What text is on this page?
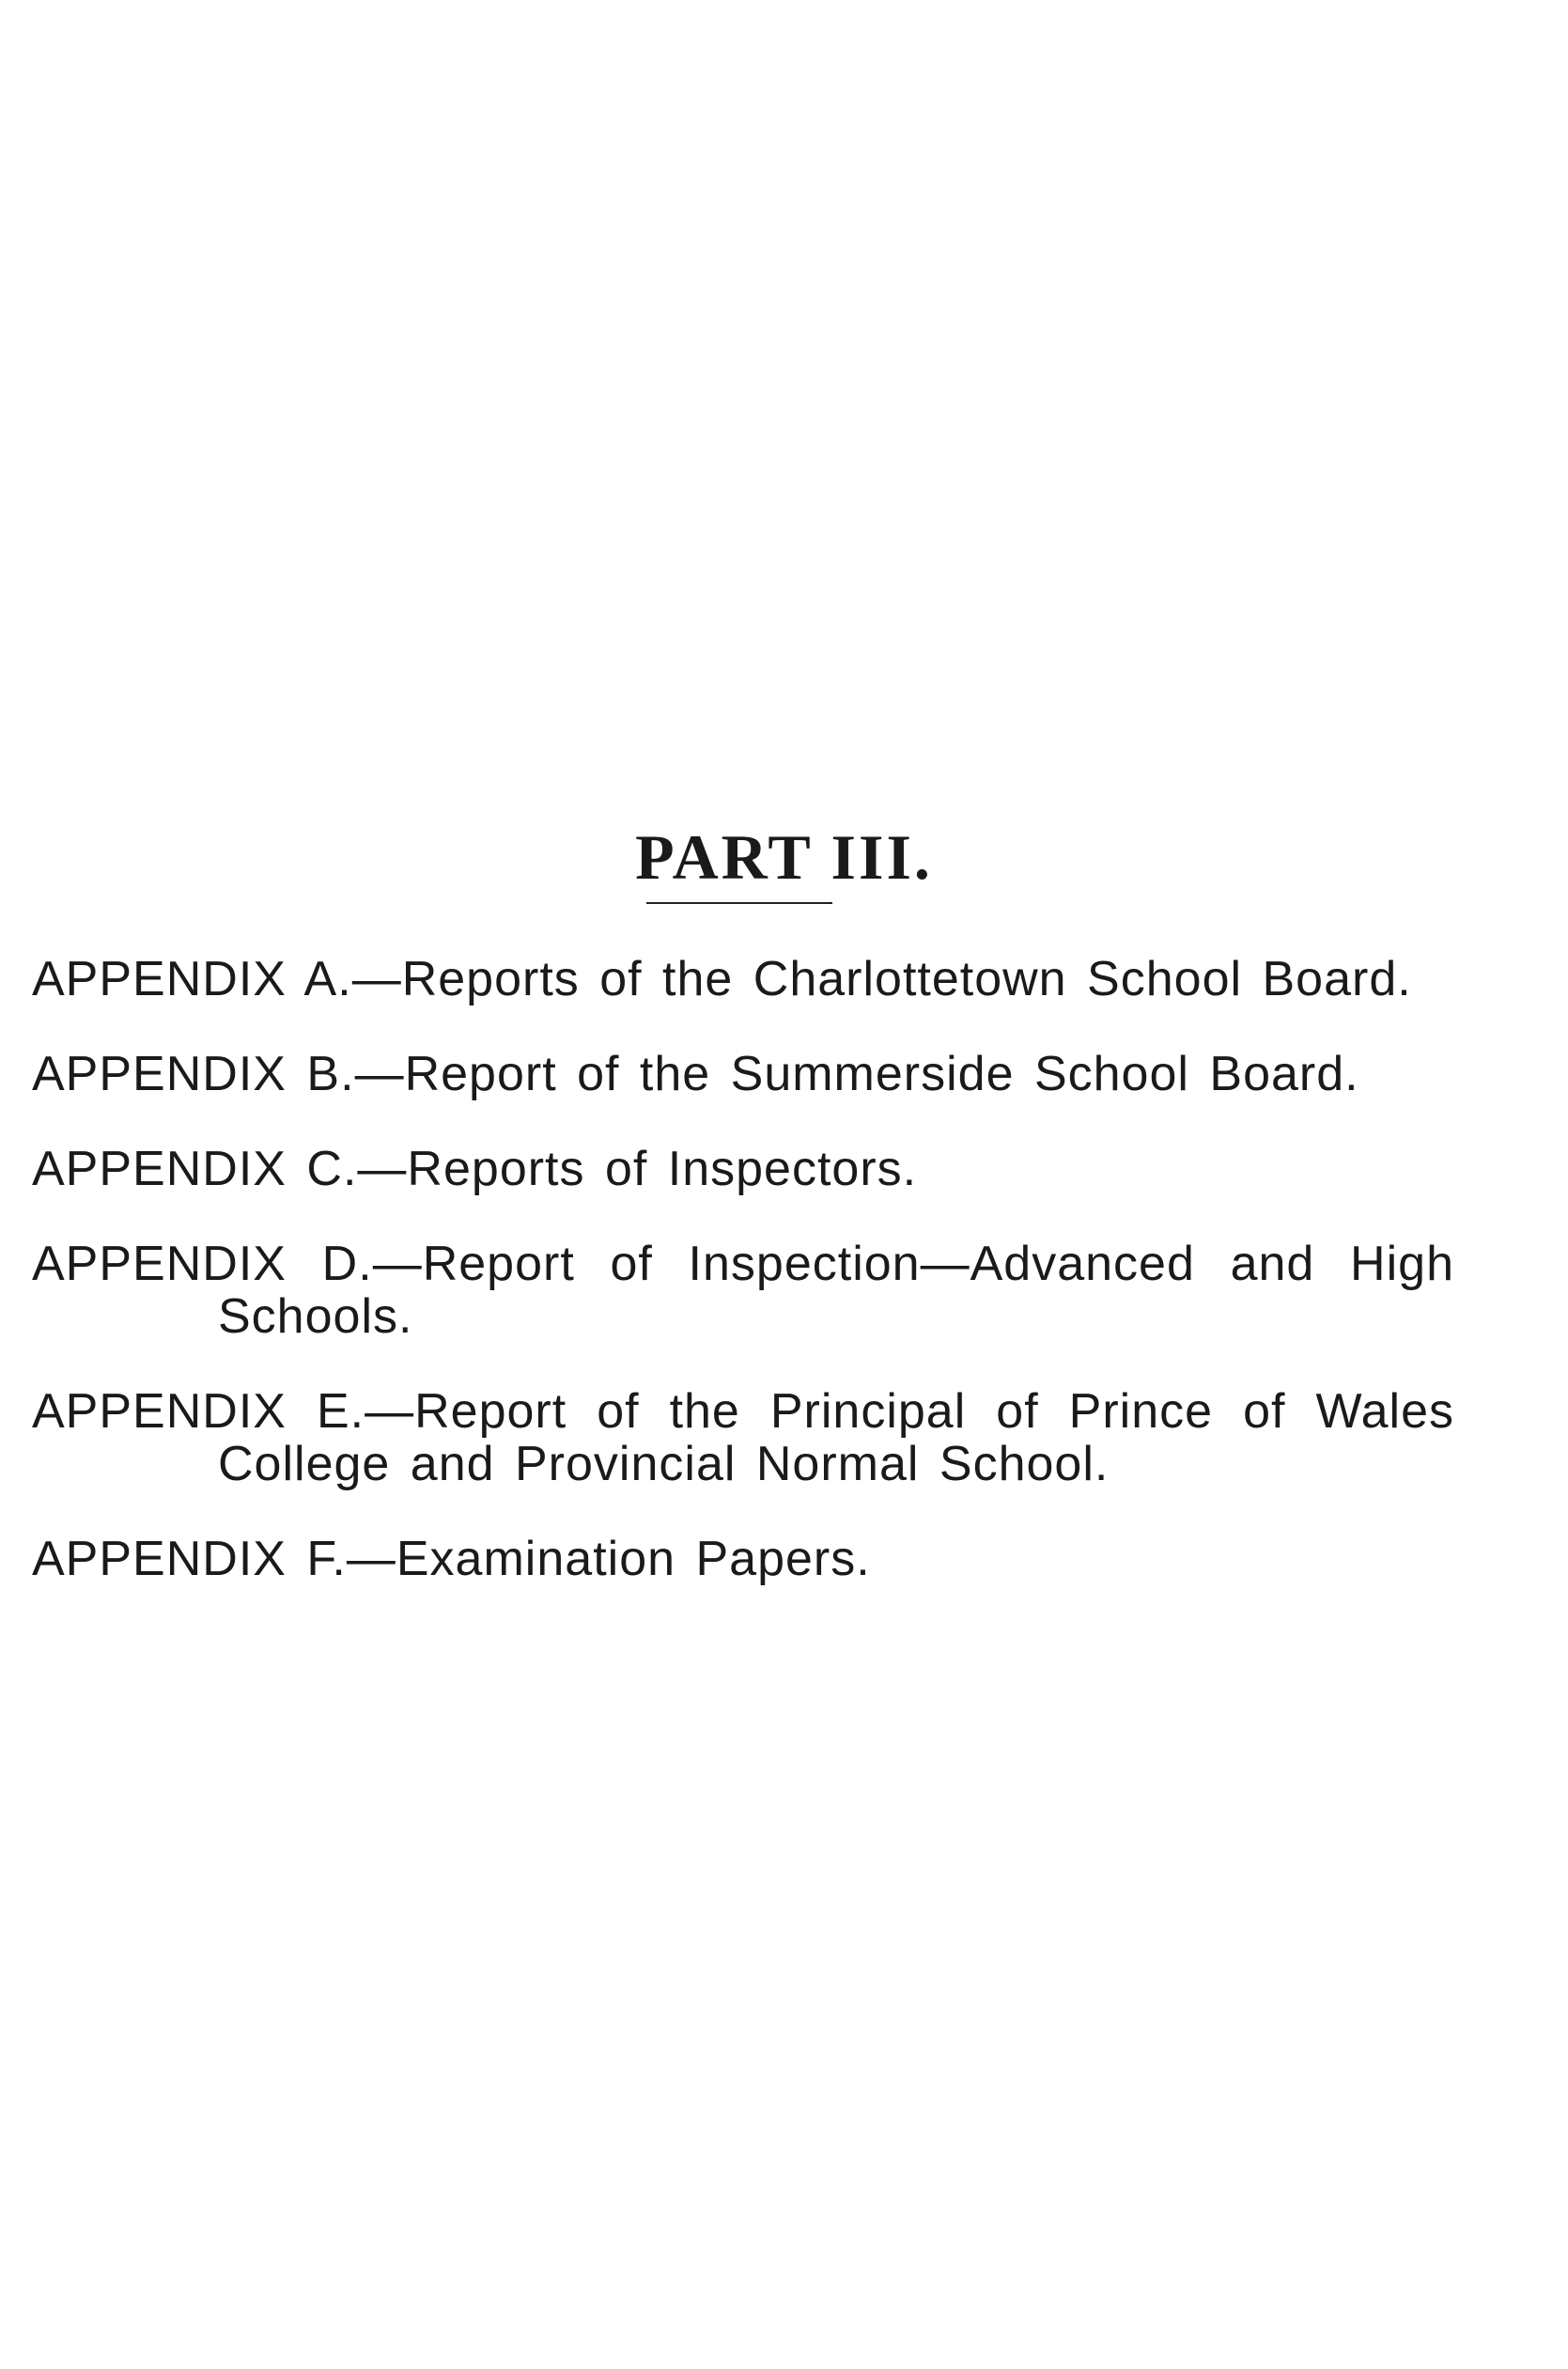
PART III.
APPENDIX A.—Reports of the Charlottetown School Board.
APPENDIX B.—Report of the Summerside School Board.
APPENDIX C.—Reports of Inspectors.
APPENDIX D.—Report of Inspection—Advanced and High Schools.
APPENDIX E.—Report of the Principal of Prince of Wales College and Provincial Normal School.
APPENDIX F.—Examination Papers.
